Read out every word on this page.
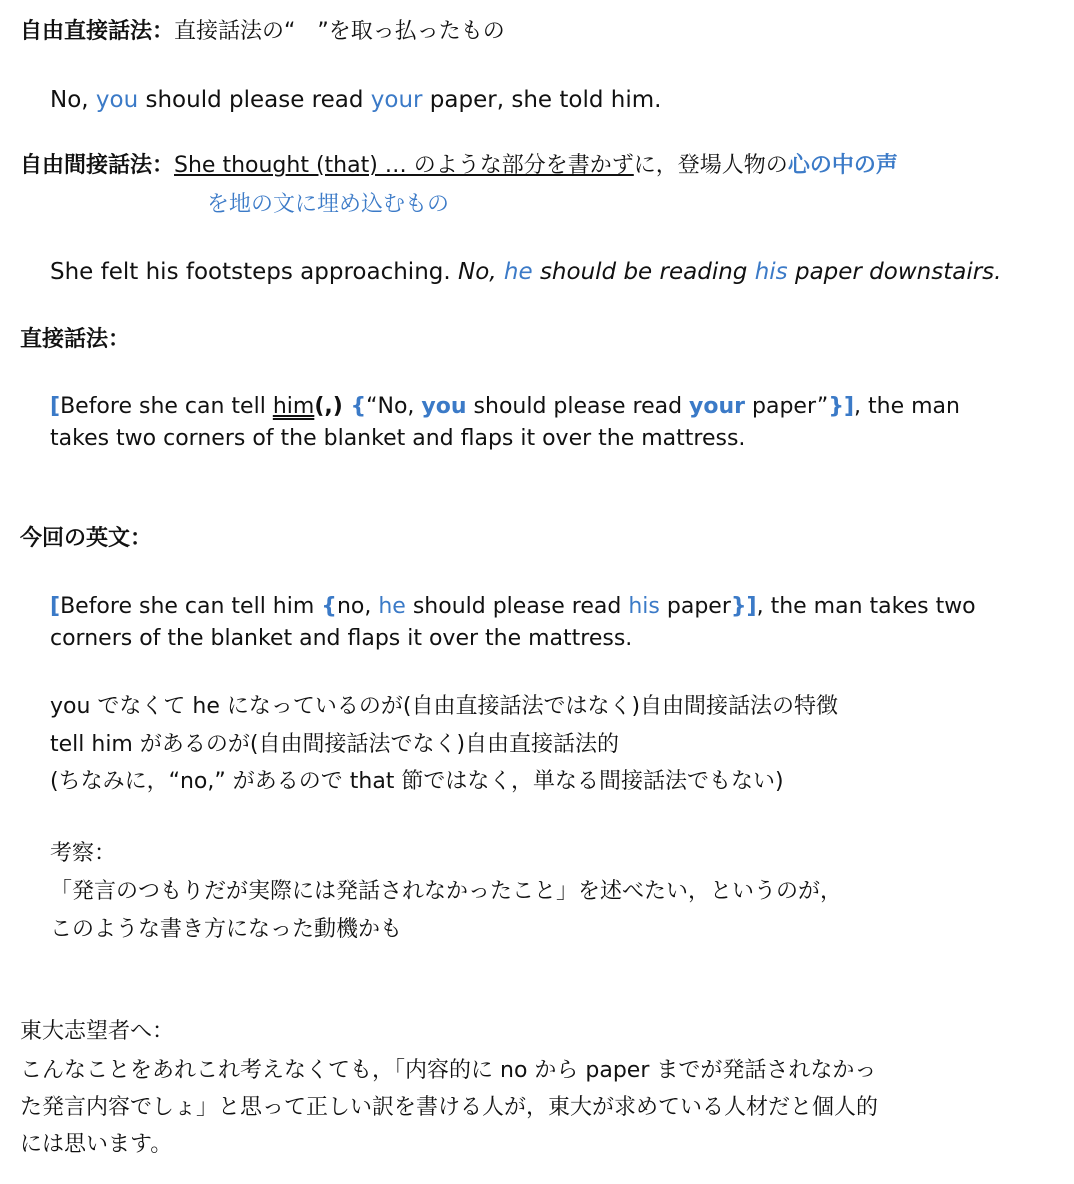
自由直接話法：直接話法の“　”を取っ払ったもの
No, you should please read your paper, she told him.
自由間接話法：She thought (that) … のような部分を書かずに，登場人物の心の中の声
を地の文に埋め込むもの
She felt his footsteps approaching. No, he should be reading his paper downstairs.
直接話法：
[Before she can tell him(,) {“No, you should please read your paper”}], the man
takes two corners of the blanket and flaps it over the mattress.
今回の英文：
[Before she can tell him {no, he should please read his paper}], the man takes two
corners of the blanket and flaps it over the mattress.
you でなくて he になっているのが(自由直接話法ではなく)自由間接話法の特徴
tell him があるのが(自由間接話法でなく)自由直接話法的
(ちなみに，“no,” があるので that 節ではなく，単なる間接話法でもない)
考察：
「発言のつもりだが実際には発話されなかったこと」を述べたい，というのが，
このような書き方になった動機かも
東大志望者へ：
こんなことをあれこれ考えなくても，「内容的に no から paper までが発話されなかっ
た発言内容でしょ」と思って正しい訳を書ける人が，東大が求めている人材だと個人的
には思います。
